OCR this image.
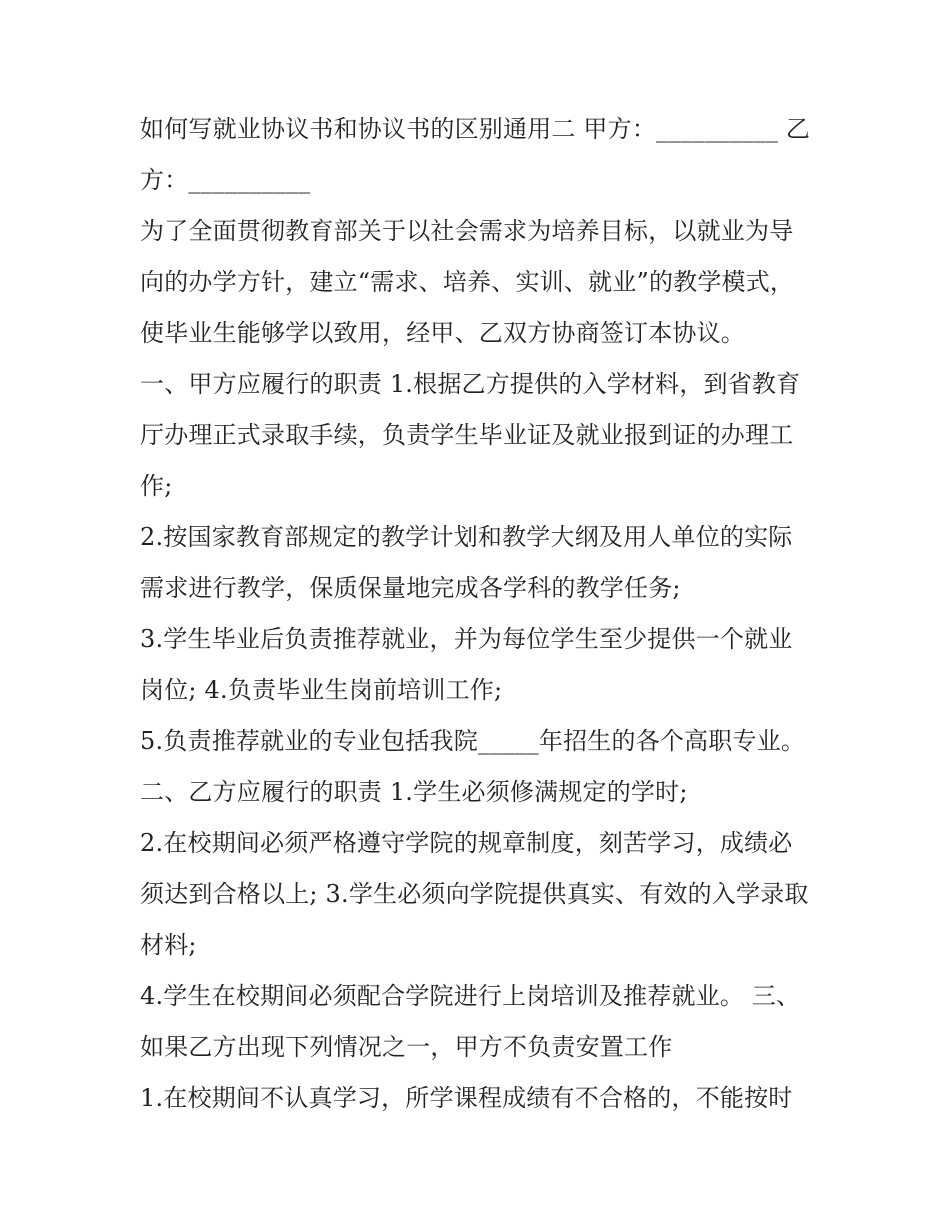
如何写就业协议书和协议书的区别通用二 甲方：__________ 乙方：__________

为了全面贯彻教育部关于以社会需求为培养目标，以就业为导向的办学方针，建立“需求、培养、实训、就业”的教学模式，使毕业生能够学以致用，经甲、乙双方协商签订本协议。

一、甲方应履行的职责 1.根据乙方提供的入学材料，到省教育厅办理正式录取手续，负责学生毕业证及就业报到证的办理工作;

2.按国家教育部规定的教学计划和教学大纲及用人单位的实际需求进行教学，保质保量地完成各学科的教学任务;

3.学生毕业后负责推荐就业，并为每位学生至少提供一个就业岗位; 4.负责毕业生岗前培训工作;

5.负责推荐就业的专业包括我院_____年招生的各个高职专业。

二、乙方应履行的职责 1.学生必须修满规定的学时;

2.在校期间必须严格遵守学院的规章制度，刻苦学习，成绩必须达到合格以上; 3.学生必须向学院提供真实、有效的入学录取材料;

4.学生在校期间必须配合学院进行上岗培训及推荐就业。 三、如果乙方出现下列情况之一，甲方不负责安置工作

1.在校期间不认真学习，所学课程成绩有不合格的，不能按时
